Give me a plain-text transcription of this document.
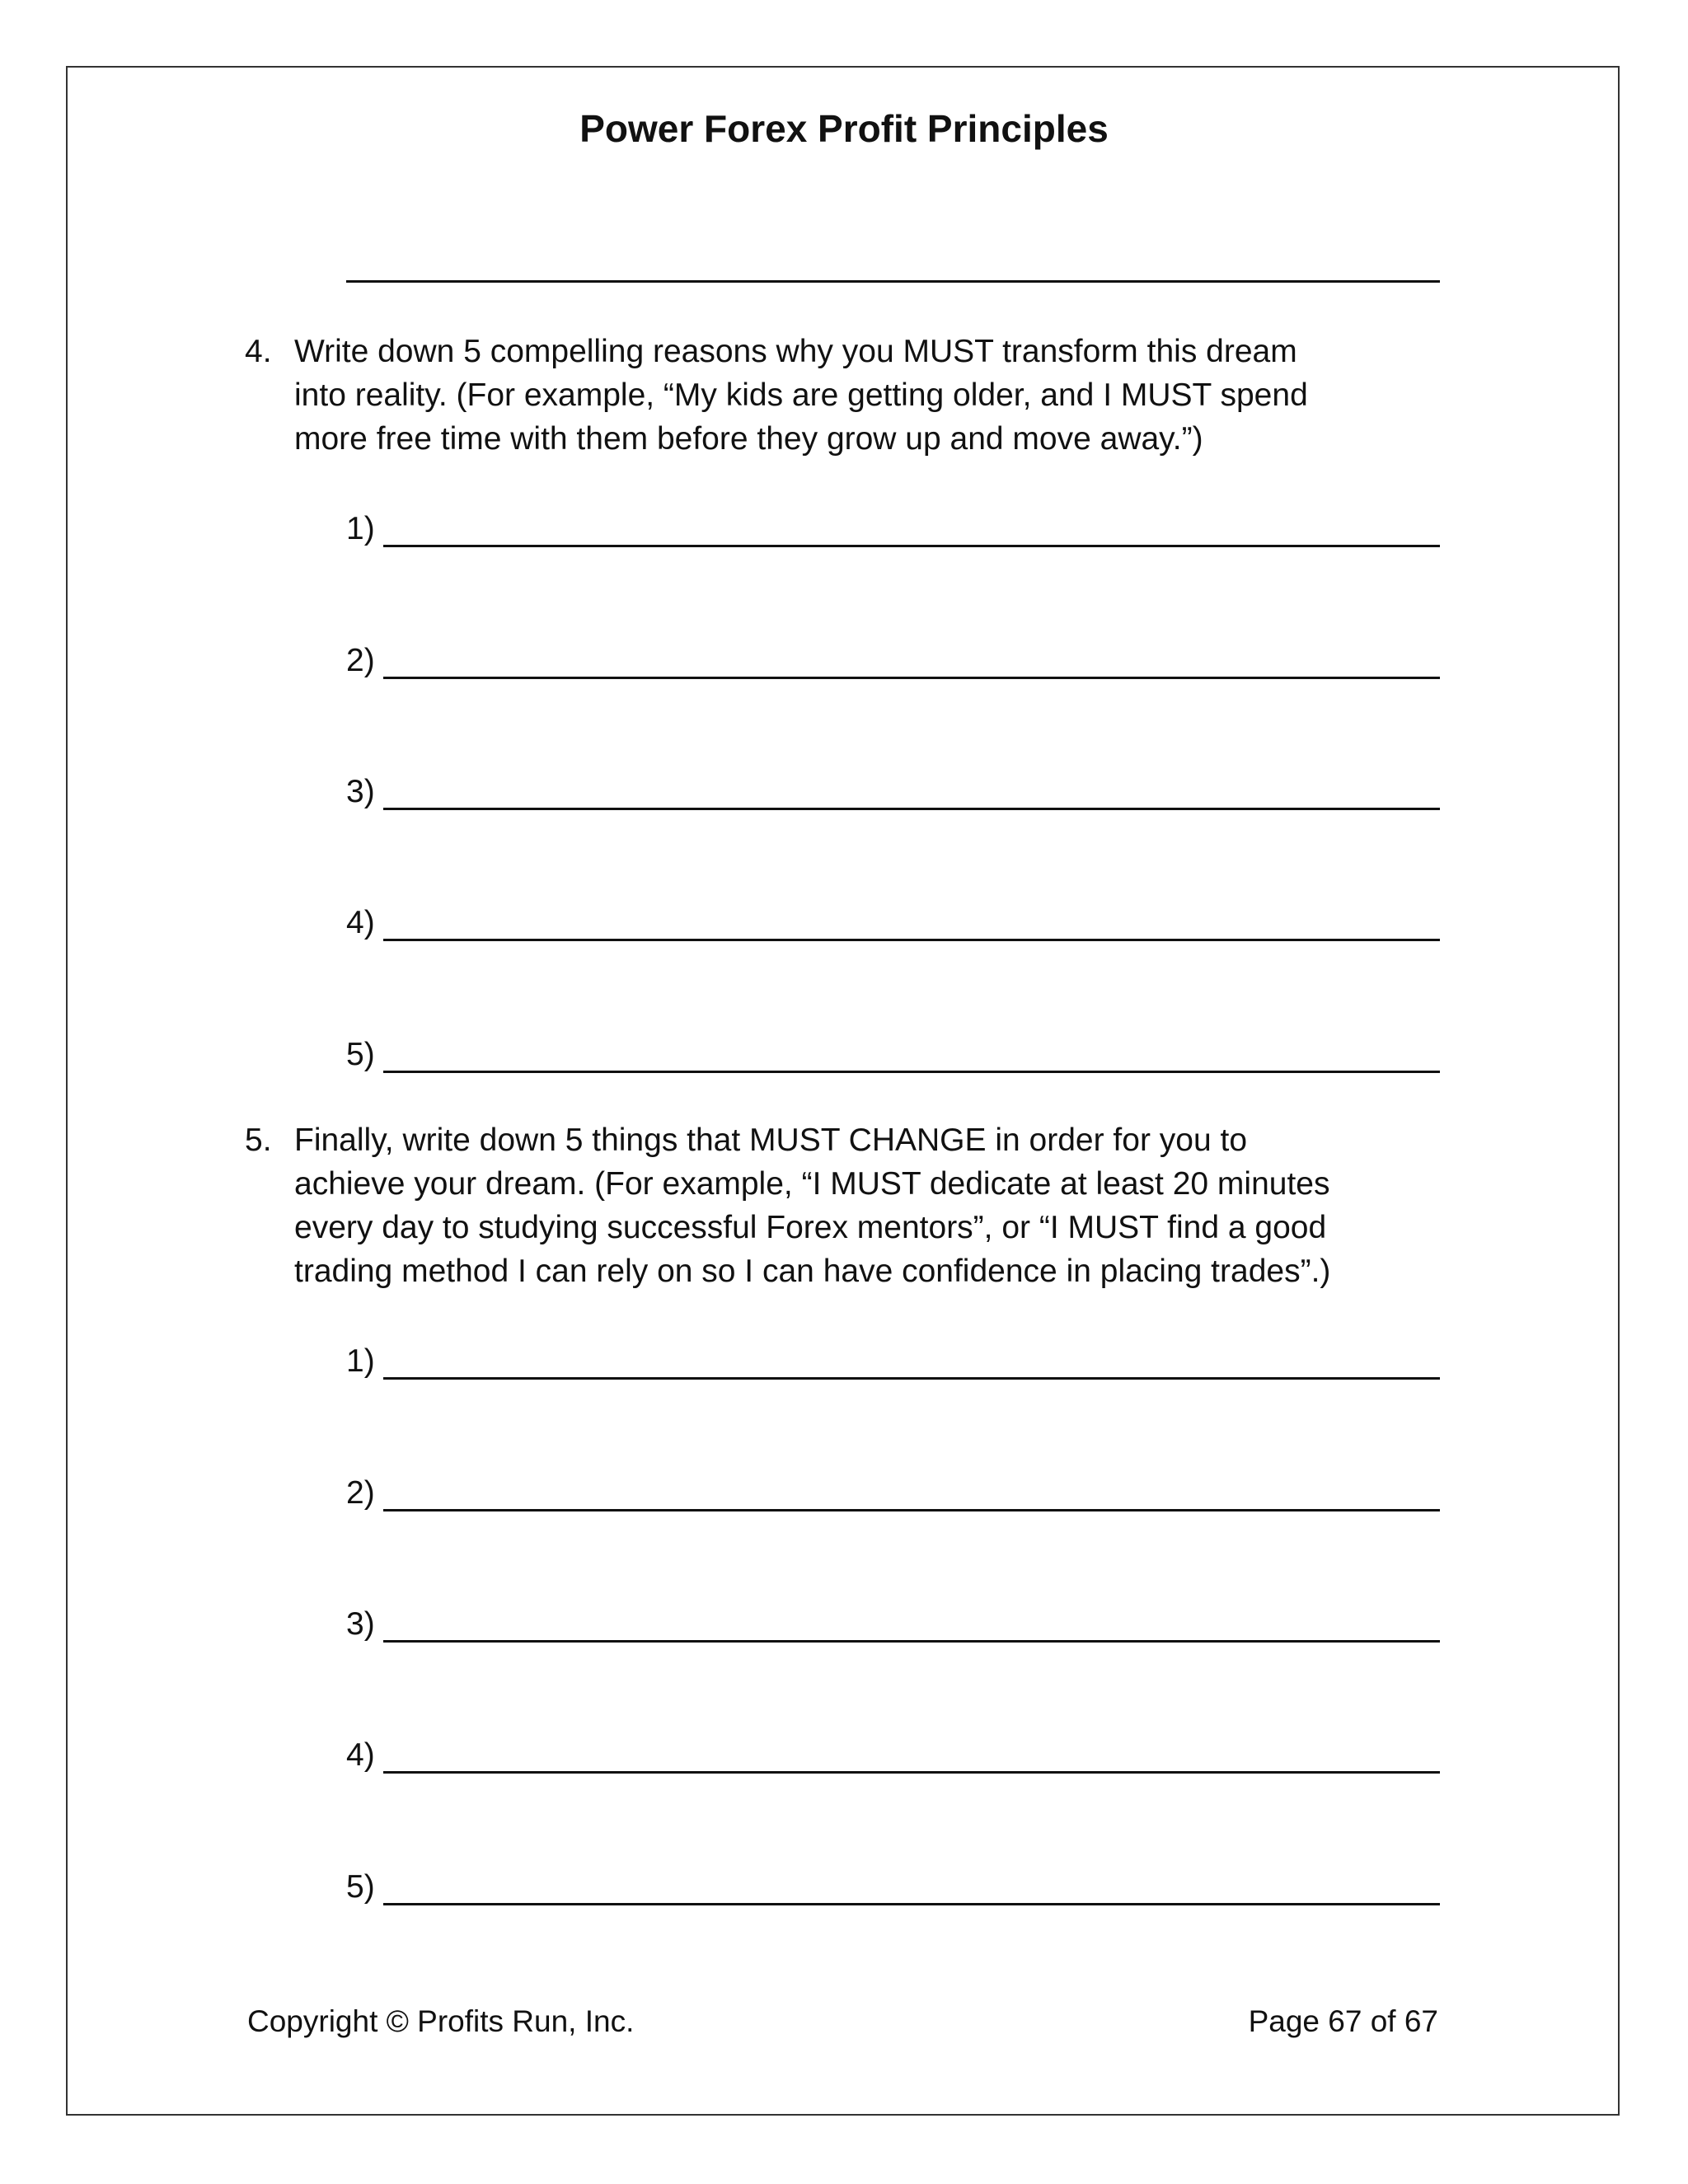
Power Forex Profit Principles
4. Write down 5 compelling reasons why you MUST transform this dream
into reality. (For example, “My kids are getting older, and I MUST spend
more free time with them before they grow up and move away.”)
1)
2)
3)
4)
5)
5. Finally, write down 5 things that MUST CHANGE in order for you to
achieve your dream. (For example, “I MUST dedicate at least 20 minutes
every day to studying successful Forex mentors”, or “I MUST find a good
trading method I can rely on so I can have confidence in placing trades”.)
1)
2)
3)
4)
5)
Copyright © Profits Run, Inc.	Page 67 of 67
